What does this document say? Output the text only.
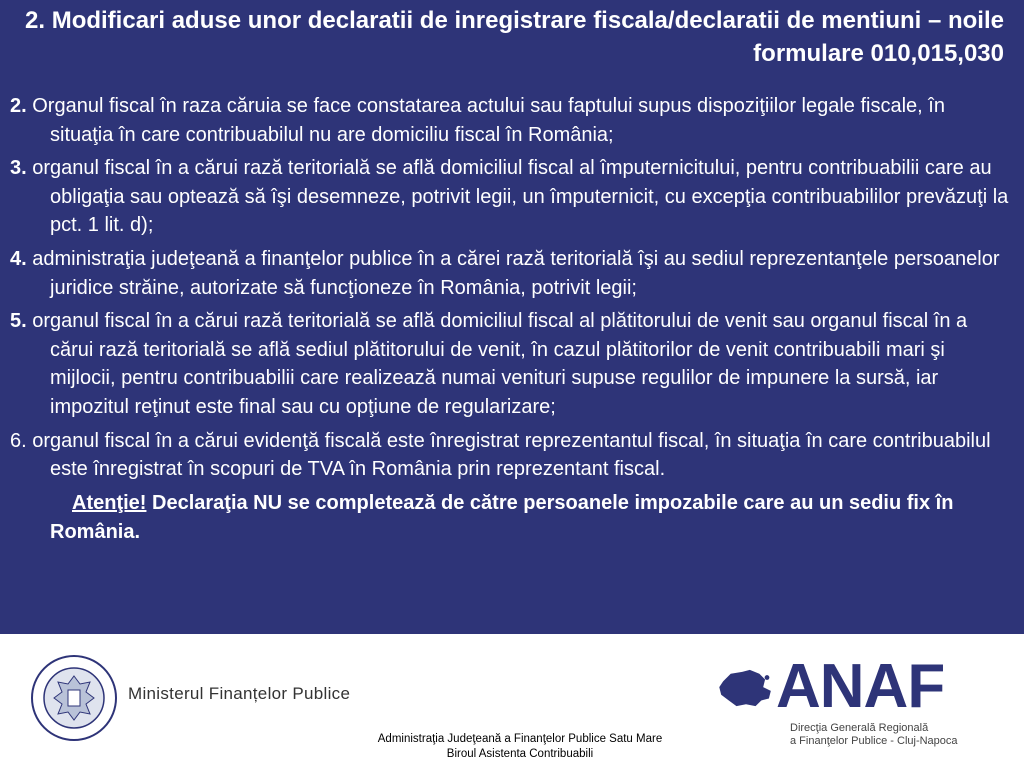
2. Modificari aduse unor declaratii de inregistrare fiscala/declaratii de mentiuni – noile formulare 010,015,030
2. Organul fiscal în raza căruia se face constatarea actului sau faptului supus dispoziţiilor legale fiscale, în situaţia în care contribuabilul nu are domiciliu fiscal în România;
3. organul fiscal în a cărui rază teritorială se află domiciliul fiscal al împuternicitului, pentru contribuabilii care au obligaţia sau optează să îşi desemneze, potrivit legii, un împuternicit, cu excepţia contribuabililor prevăzuţi la pct. 1 lit. d);
4. administraţia judeţeană a finanţelor publice în a cărei rază teritorială îşi au sediul reprezentanţele persoanelor juridice străine, autorizate să funcţioneze în România, potrivit legii;
5. organul fiscal în a cărui rază teritorială se află domiciliul fiscal al plătitorului de venit sau organul fiscal în a cărui rază teritorială se află sediul plătitorului de venit, în cazul plătitorilor de venit contribuabili mari şi mijlocii, pentru contribuabilii care realizează numai venituri supuse regulilor de impunere la sursă, iar impozitul reţinut este final sau cu opţiune de regularizare;
6. organul fiscal în a cărui evidenţă fiscală este înregistrat reprezentantul fiscal, în situaţia în care contribuabilul este înregistrat în scopuri de TVA în România prin reprezentant fiscal.
Atenţie! Declaraţia NU se completează de către persoanele impozabile care au un sediu fix în România.
Ministerul Finanțelor Publice
Administraţia Judeţeană a Finanţelor Publice Satu Mare
Biroul Asistenta Contribuabili
ANAF
Direcţia Generală Regională
a Finanţelor Publice - Cluj-Napoca
